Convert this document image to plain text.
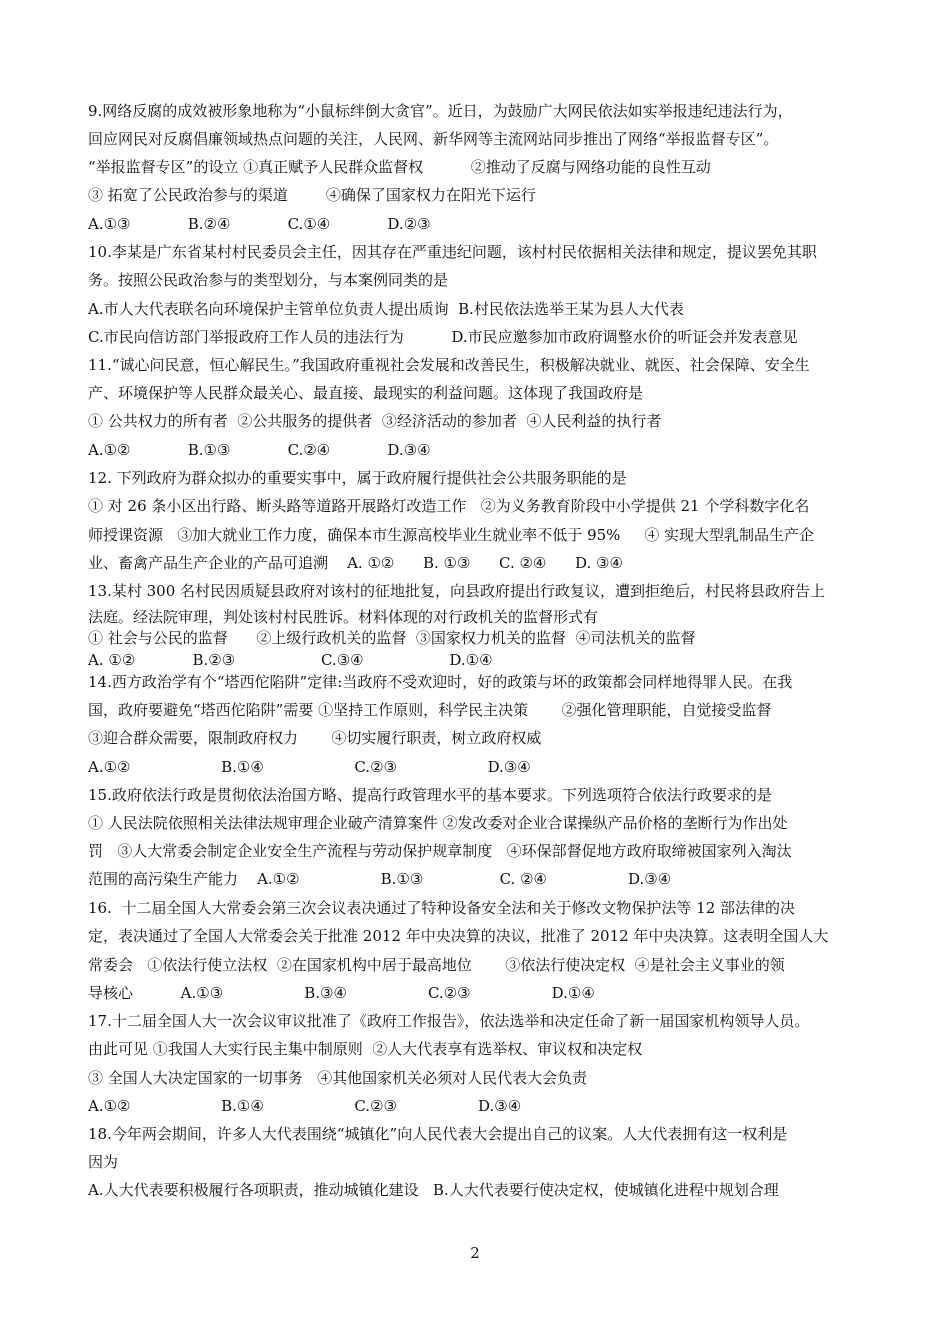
9.网络反腐的成效被形象地称为“小鼠标绊倒大贪官”。近日，为鼓励广大网民依法如实举报违纪违法行为，
回应网民对反腐倡廉领域热点问题的关注，人民网、新华网等主流网站同步推出了网络“举报监督专区”。
“举报监督专区”的设立 ①真正赋予人民群众监督权          ②推动了反腐与网络功能的良性互动
③ 拓宽了公民政治参与的渠道        ④确保了国家权力在阳光下运行
A.①③            B.②④            C.①④            D.②③
10.李某是广东省某村村民委员会主任，因其存在严重违纪问题，该村村民依据相关法律和规定，提议罢免其职
务。按照公民政治参与的类型划分，与本案例同类的是
A.市人大代表联名向环境保护主管单位负责人提出质询  B.村民依法选举王某为县人大代表
C.市民向信访部门举报政府工作人员的违法行为          D.市民应邀参加市政府调整水价的听证会并发表意见
11.“诚心问民意，恒心解民生。”我国政府重视社会发展和改善民生，积极解决就业、就医、社会保障、安全生
产、环境保护等人民群众最关心、最直接、最现实的利益问题。这体现了我国政府是
① 公共权力的所有者  ②公共服务的提供者  ③经济活动的参加者  ④人民利益的执行者
A.①②            B.①③            C.②④            D.③④
12. 下列政府为群众拟办的重要实事中，属于政府履行提供社会公共服务职能的是
① 对 26 条小区出行路、断头路等道路开展路灯改造工作   ②为义务教育阶段中小学提供 21 个学科数字化名
师授课资源   ③加大就业工作力度，确保本市生源高校毕业生就业率不低于 95%     ④ 实现大型乳制品生产企
业、畜禽产品生产企业的产品可追溯    A. ①②      B. ①③      C. ②④      D. ③④
13.某村 300 名村民因质疑县政府对该村的征地批复，向县政府提出行政复议，遭到拒绝后，村民将县政府告上
法庭。经法院审理，判处该村村民胜诉。材料体现的对行政机关的监督形式有
① 社会与公民的监督      ②上级行政机关的监督  ③国家权力机关的监督  ④司法机关的监督
A. ①②            B.②③                  C.③④                  D.①④
14.西方政治学有个“塔西佗陷阱”定律:当政府不受欢迎时，好的政策与坏的政策都会同样地得罪人民。在我
国，政府要避免“塔西佗陷阱”需要 ①坚持工作原则，科学民主决策       ②强化管理职能，自觉接受监督
③迎合群众需要，限制政府权力       ④切实履行职责，树立政府权威
A.①②                   B.①④                   C.②③                   D.③④
15.政府依法行政是贯彻依法治国方略、提高行政管理水平的基本要求。下列选项符合依法行政要求的是
① 人民法院依照相关法律法规审理企业破产清算案件 ②发改委对企业合谋操纵产品价格的垄断行为作出处
罚   ③人大常委会制定企业安全生产流程与劳动保护规章制度   ④环保部督促地方政府取缔被国家列入淘汰
范围的高污染生产能力    A.①②                 B.①③                C. ②④                 D.③④
16.  十二届全国人大常委会第三次会议表决通过了特种设备安全法和关于修改文物保护法等 12 部法律的决
定，表决通过了全国人大常委会关于批准 2012 年中央决算的决议，批准了 2012 年中央决算。这表明全国人大
常委会   ①依法行使立法权  ②在国家机构中居于最高地位       ③依法行使决定权  ④是社会主义事业的领
导核心          A.①③                 B.③④                 C.②③                 D.①④
17.十二届全国人大一次会议审议批准了《政府工作报告》，依法选举和决定任命了新一届国家机构领导人员。
由此可见 ①我国人大实行民主集中制原则  ②人大代表享有选举权、审议权和决定权
③ 全国人大决定国家的一切事务   ④其他国家机关必须对人民代表大会负责
A.①②                   B.①④                   C.②③                 D.③④
18.今年两会期间，许多人大代表围绕“城镇化”向人民代表大会提出自己的议案。人大代表拥有这一权利是
因为
A.人大代表要积极履行各项职责，推动城镇化建设   B.人大代表要行使决定权，使城镇化进程中规划合理
2
